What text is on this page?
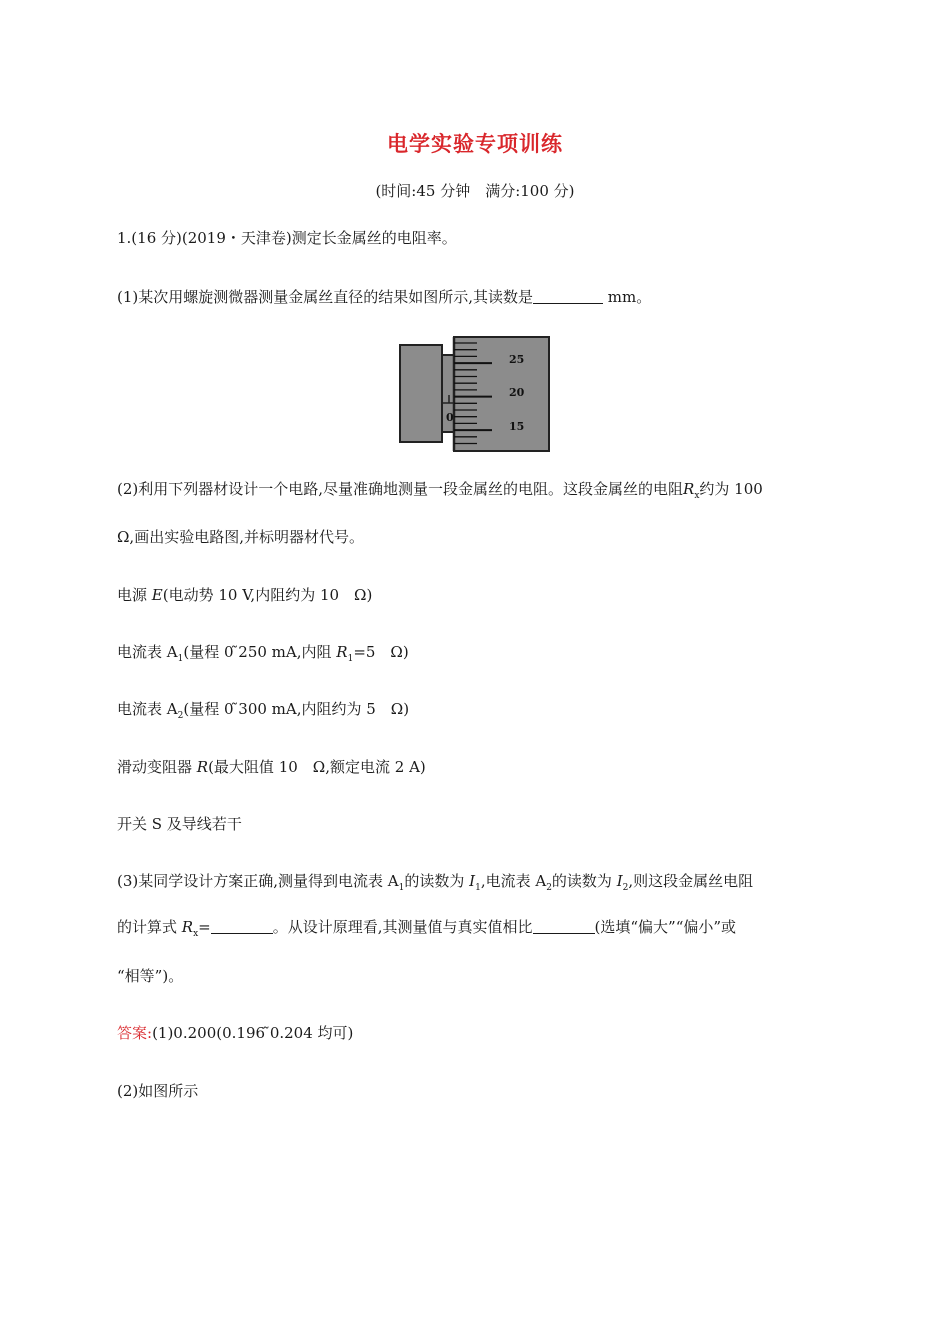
电学实验专项训练
(时间:45 分钟　满分:100 分)
1.(16 分)(2019・天津卷)测定长金属丝的电阻率。
(1)某次用螺旋测微器测量金属丝直径的结果如图所示,其读数是	mm。
0
25
20
15
(2)利用下列器材设计一个电路,尽量准确地测量一段金属丝的电阻。这段金属丝的电阻$R_x$约为 100
Ω,画出实验电路图,并标明器材代号。
电源 E(电动势 10 V,内阻约为 10　Ω)
电流表 $A_1$(量程 0 ̃250 mA,内阻 $R_1=5$　Ω)
电流表 $A_2$(量程 0 ̃300 mA,内阻约为 5　Ω)
滑动变阻器 R(最大阻值 10　Ω,额定电流 2 A)
开关 S 及导线若干
(3)某同学设计方案正确,测量得到电流表 $A_1$的读数为 $I_1$,电流表 $A_2$的读数为 $I_2$,则这段金属丝电阻
的计算式 $R_x=$	。从设计原理看,其测量值与真实值相比	(选填“偏大”“偏小”或
“相等”)。
答案:(1)0.200(0.196 ̃0.204 均可)
(2)如图所示
